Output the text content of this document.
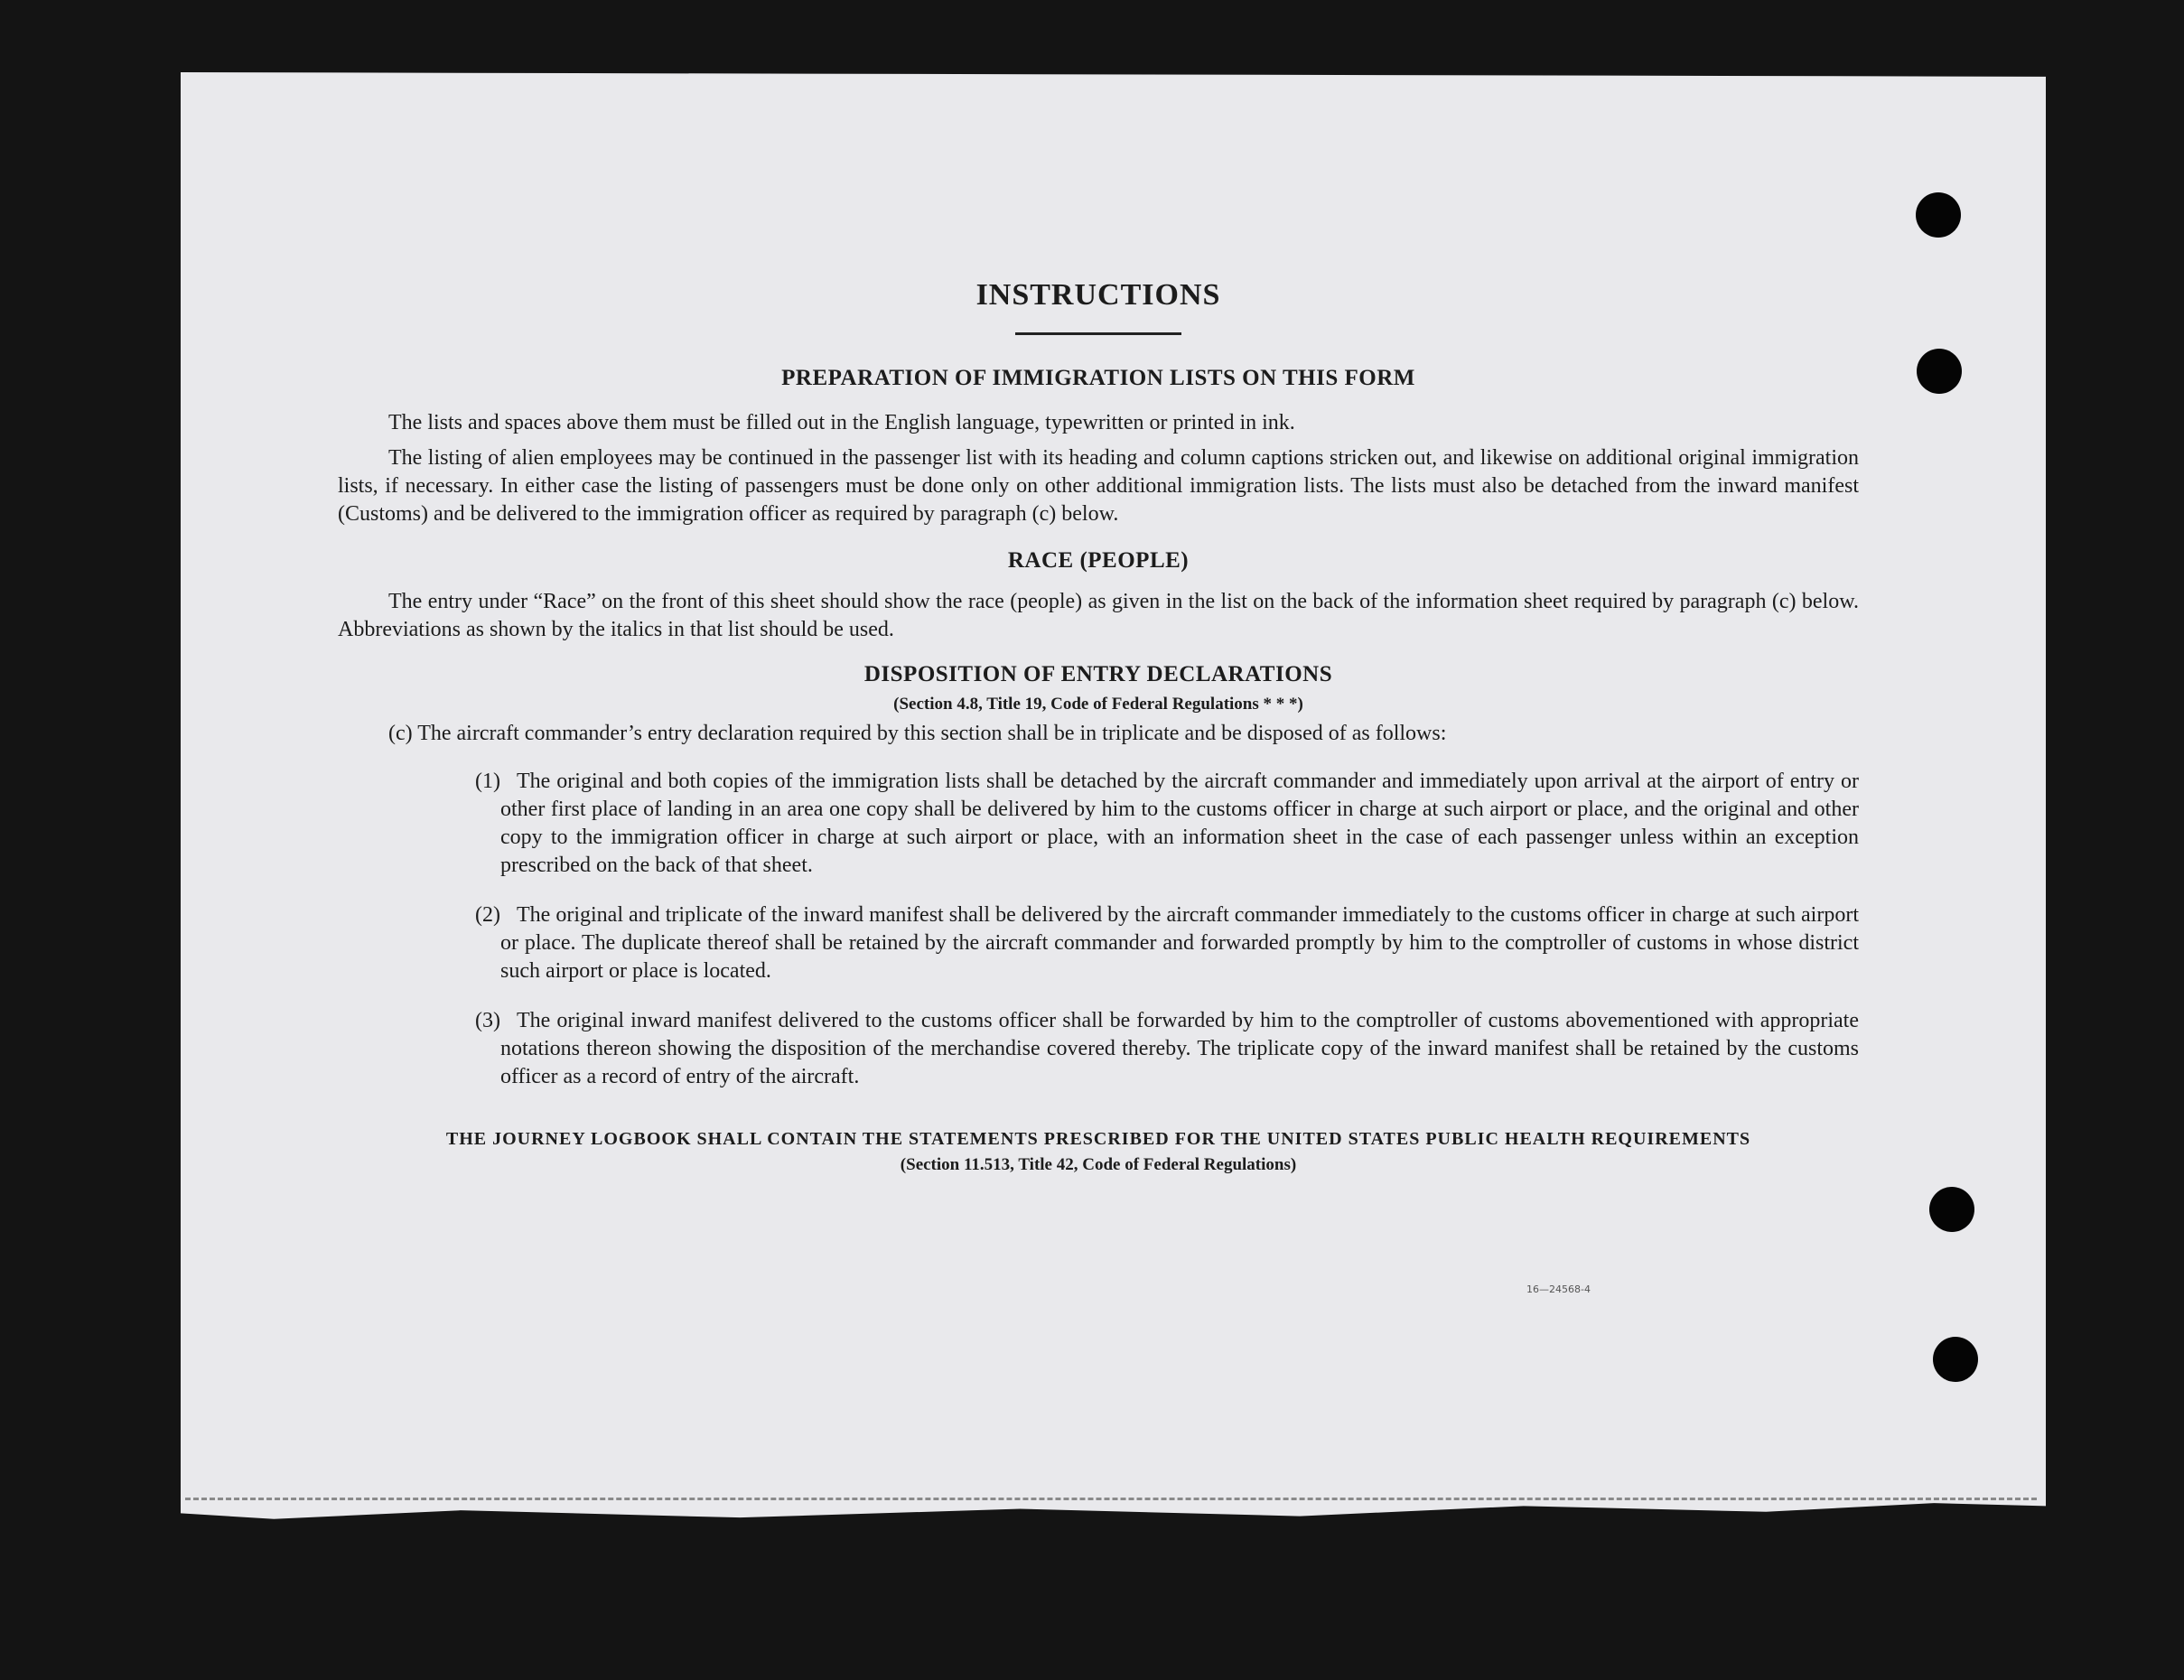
INSTRUCTIONS
PREPARATION OF IMMIGRATION LISTS ON THIS FORM

The lists and spaces above them must be filled out in the English language, typewritten or printed in ink.

The listing of alien employees may be continued in the passenger list with its heading and column captions stricken out, and likewise on additional original immigration lists, if necessary. In either case the listing of passengers must be done only on other additional immigration lists. The lists must also be detached from the inward manifest (Customs) and be delivered to the immigration officer as required by paragraph (c) below.

RACE (PEOPLE)

The entry under “Race” on the front of this sheet should show the race (people) as given in the list on the back of the information sheet required by paragraph (c) below. Abbreviations as shown by the italics in that list should be used.

DISPOSITION OF ENTRY DECLARATIONS

(Section 4.8, Title 19, Code of Federal Regulations * * *)

(c) The aircraft commander’s entry declaration required by this section shall be in triplicate and be disposed of as follows:

(1) The original and both copies of the immigration lists shall be detached by the aircraft commander and immediately upon arrival at the airport of entry or other first place of landing in an area one copy shall be delivered by him to the customs officer in charge at such airport or place, and the original and other copy to the immigration officer in charge at such airport or place, with an information sheet in the case of each passenger unless within an exception prescribed on the back of that sheet.

(2) The original and triplicate of the inward manifest shall be delivered by the aircraft commander immediately to the customs officer in charge at such airport or place. The duplicate thereof shall be retained by the aircraft commander and forwarded promptly by him to the comptroller of customs in whose district such airport or place is located.

(3) The original inward manifest delivered to the customs officer shall be forwarded by him to the comptroller of customs abovementioned with appropriate notations thereon showing the disposition of the merchandise covered thereby. The triplicate copy of the inward manifest shall be retained by the customs officer as a record of entry of the aircraft.

THE JOURNEY LOGBOOK SHALL CONTAIN THE STATEMENTS PRESCRIBED FOR THE UNITED STATES PUBLIC HEALTH REQUIREMENTS

(Section 11.513, Title 42, Code of Federal Regulations)

16—24568-4
